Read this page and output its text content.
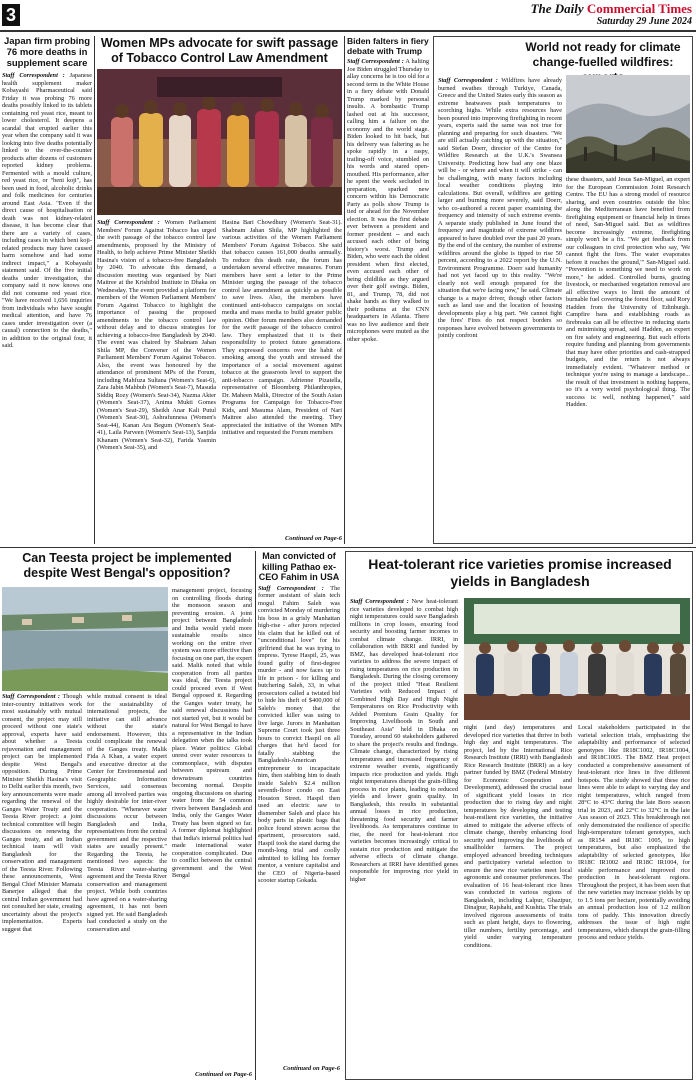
3	The Daily Commercial Times
Saturday 29 June 2024
Japan firm probing 76 more deaths in supplement scare
Staff Correspondent : Japanese health supplement maker Kobayashi Pharmaceutical said Friday it was probing 76 more deaths possibly linked to its tablets containing red yeast rice, meant to lower cholesterol. It deepens a scandal that erupted earlier this year when the company said it was looking into five deaths potentially linked to the over-the-counter products after dozens of customers reported kidney problems. Fermented with a mould culture, red yeast rice, or "beni koji", has been used in food, alcoholic drinks and folk medicines for centuries around East Asia. "Even if the direct cause of hospitalisation or death was not kidney-related disease, it has become clear that there are a variety of cases, including cases in which beni koji-related products may have caused harm somehow and had some indirect impact," a Kobayashi statement said. Of the five initial deaths under investigation, the company said it now knows one did not consume red yeast rice. "We have received 1,656 inquiries from individuals who have sought medical attention, and have 76 cases under investigation over (a causal) connection to the deaths," in addition to the original four, it said.
Women MPs advocate for swift passage of Tobacco Control Law Amendment
Staff Correspondent : Women Parliament Members' Forum Against Tobacco has urged the swift passage of the tobacco control law amendments, proposed by the Ministry of Health, to help achieve Prime Minister Sheikh Hasina's vision of a tobacco-free Bangladesh by 2040. To advocate this demand, a discussion meeting was organised by Nari Maitree at the Krishibid Institute in Dhaka on Wednesday. The event provided a platform for members of the Women Parliament Members' Forum Against Tobacco to highlight the importance of passing the proposed amendments to the tobacco control law without delay and to discuss strategies for achieving a tobacco-free Bangladesh by 2040. The event was chaired by Shabnam Jahan Shila MP, the Convener of the Women Parliament Members' Forum Against Tobacco. Also, the event was honoured by the attendance of prominent MPs of the Forum, including Mahfuza Sultana (Women's Seat-6), Zara Jabin Mahbub (Women's Seat-7), Masuda Siddiq Rozy (Women's Seat-34), Nazma Akter (Women's Seat-37), Anima Mukti Gomes (Women's Seat-29), Sheikh Anar Kali Putul (Women's Seat-30), Ashrafunnesa (Women's Seat-44), Kanan Ara Begum (Women's Seat-41), Laila Parveen (Women's Seat-13), Sanjida Khanam (Women's Seat-32), Farida Yasmin (Women's Seat-35), and
Hasina Bari Chowdhury (Women's Seat-31). Shabnam Jahan Shila, MP highlighted the various activities of the Women Parliament Members' Forum Against Tobacco. She said that tobacco causes 161,000 deaths annually. To reduce this death rate, the forum has undertaken several effective measures. Forum members have sent a letter to the Prime Minister urging the passage of the tobacco control law amendment as quickly as possible to save lives. Also, the members have continued anti-tobacco campaigns on social media and mass media to build greater public opinion. Other forum members also demanded for the swift passage of the tobacco control law. They emphasized that it is their responsibility to protect future generations. They expressed concerns over the habit of smoking among the youth and stressed the importance of a social movement against tobacco at the grassroots level to support the anti-tobacco campaign. Adrienne Pizatella, representative of Bloomberg Philanthropies, Dr. Maheen Malik, Director of the South Asian Programs for Campaign for Tobacco-Free Kids, and Masuma Alam, President of Nari Maitree also attended the meeting. They appreciated the initiative of the Women MPs initiative and requested the Forum members
Continued on Page-6
Biden falters in fiery debate with Trump
Staff Correspondent : A halting Joe Biden struggled Thursday to allay concerns he is too old for a second term in the White House in a fiery debate with Donald Trump marked by personal insults. A bombastic Trump lashed out at his successor, calling him a failure on the economy and the world stage. Biden looked to hit back, but his delivery was faltering as he spoke rapidly in a raspy, trailing-off voice, stumbled on his words and stared open-mouthed. His performance, after he spent the week secluded in preparation, sparked new concern within his Democratic Party as polls show Trump is tied or ahead for the November election. It was the first debate ever between a president and former president -- and each accused each other of being history's worst. Trump and Biden, who were each the oldest president when first elected, even accused each other of being childlike as they argued over their golf swings. Biden, 81, and Trump, 78, did not shake hands as they walked to their podiums at the CNN headquarters in Atlanta. There was no live audience and their microphones were muted as the other spoke.
World not ready for climate change-fuelled wildfires:
Staff Correspondent : Wildfires have already burned swathes through Turkiye, Canada, Greece and the United States early this season as extreme heatwaves push temperatures to scorching highs. While extra resources have been poured into improving firefighting in recent years, experts said the same was not true for planning and preparing for such disasters. "We are still actually catching up with the situation," said Stefan Doerr, director of the Centre for Wildfire Research at the U.K.'s Swansea University. Predicting how bad any one blaze will be - or where and when it will strike - can be challenging, with many factors including local weather conditions playing into calculations. But overall, wildfires are getting larger and burning more severely, said Doerr, who co-authored a recent paper examining the frequency and intensity of such extreme events. A separate study published in June found the frequency and magnitude of extreme wildfires appeared to have doubled over the past 20 years. By the end of the century, the number of extreme wildfires around the globe is tipped to rise 50 percent, according to a 2022 report by the U.N. Environment Programme. Doerr said humanity had not yet faced up to this reality. "We're clearly not well enough prepared for the situation that we're facing now," he said. Climate change is a major driver, though other factors such as land use and the location of housing developments play a big part. 'We cannot fight the fires' Fires do not respect borders so responses have evolved between governments to jointly confront
these disasters, said Jesus San-Miguel, an expert for the European Commission Joint Research Centre. The EU has a strong model of resource sharing, and even countries outside the bloc along the Mediterranean have benefited from firefighting equipment or financial help in times of need, San-Miguel said. But as wildfires become increasingly extreme, firefighting simply won't be a fix. "We get feedback from our colleagues in civil protection who say, 'We cannot fight the fires. The water evaporates before it reaches the ground,'" San-Miguel said. "Prevention is something we need to work on more," he added. Controlled burns, grazing livestock, or mechanised vegetation removal are all effective ways to limit the amount of burnable fuel covering the forest floor, said Rory Hadden from the University of Edinburgh. Campfire bans and establishing roads as firebreaks can all be effective in reducing starts and minimising spread, said Hadden, an expert on fire safety and engineering. But such efforts require funding and planning from governments that may have other priorities and cash-strapped budgets, and the return is not always immediately evident. "Whatever method or technique you're using to manage a landscape... the result of that investment is nothing happens, so it's a very weird psychological thing. The success is: well, nothing happened," said Hadden.
Can Teesta project be implemented despite West Bengal's opposition?
Staff Correspondent : Though inter-country initiatives work most sustainably with mutual consent, the project may still proceed without one state's approval, experts have said about whether a Teesta rejuvenation and management project can be implemented despite West Bengal's opposition. During Prime Minister Sheikh Hasina's visit to Delhi earlier this month, two key announcements were made regarding the renewal of the Ganges Water Treaty and the Teesta River project: a joint technical committee will begin discussions on renewing the Ganges treaty, and an Indian technical team will visit Bangladesh for the conservation and management of the Teesta River. Following these announcements, West Bengal Chief Minister Mamata Banerjee alleged that the central Indian government had not consulted her state, creating uncertainty about the project's implementation. Experts suggest that
while mutual consent is ideal for the sustainability of international projects, the initiative can still advance without the state's endorsement. However, this could complicate the renewal of the Ganges treaty. Malik Fida A Khan, a water expert and executive director at the Center for Environmental and Geographic Information Services, said consensus among all involved parties was highly desirable for inter-river cooperation. "Whenever water discussions occur between Bangladesh and India, representatives from the central government and the respective states are usually present." Regarding the Teesta, he mentioned two aspects: the Teesta River water-sharing agreement and the Teesta River conservation and management project. While both countries have agreed on a water-sharing agreement, it has not been signed yet. He said Bangladesh had conducted a study on the conservation and
management project, focusing on controlling floods during the monsoon season and preventing erosion. A joint project between Bangladesh and India would yield more sustainable results since working on the entire river system was more effective than focusing on one part, the expert said. Malik noted that while cooperation from all parties was ideal, the Teesta project could proceed even if West Bengal opposed it. Regarding the Ganges water treaty, he said renewal discussions had not started yet, but it would be natural for West Bengal to have a representative in the Indian delegation when the talks took place. Water politics: Global unrest over water resources is commonplace, with disputes between upstream and downstream countries becoming normal. Despite ongoing discussions on sharing water from the 54 common rivers between Bangladesh and India, only the Ganges Water Treaty has been signed so far. A former diplomat highlighted that India's internal politics had made international water cooperation complicated. Due to conflict between the central government and the West Bengal
Continued on Page-6
Man convicted of killing Pathao ex-CEO Fahim in USA
Staff Correspondent : The former assistant of slain tech mogul Fahim Saleh was convicted Monday of murdering his boss in a grisly Manhattan high-rise - after jurors rejected his claim that he killed out of "unconditional love" for his girlfriend that he was trying to impress. Tyrese Haspil, 25, was found guilty of first-degree murder - and now faces up to life in prison - for killing and butchering Saleh, 33, in what prosecutors called a twisted bid to hide his theft of $400,000 of Saleh's money that the convicted killer was using to live large. Jurors in Manhattan Supreme Court took just three hours to convict Haspil on all charges that he'd faced for fatally stabbing the Bangladeshi-American entrepreneur to incapacitate him, then stabbing him to death inside Saleh's $2.4 million seventh-floor condo on East Houston Street. Haspil then used an electric saw to dismember Saleh and place his body parts in plastic bags that police found strewn across the apartment, prosecutors said. Haspil took the stand during the month-long trial and coolly admitted to killing his former mentor, a venture capitalist and the CEO of Nigeria-based scooter startup Gokada.
Continued on Page-6
Heat-tolerant rice varieties promise increased yields in Bangladesh
Staff Correspondent : New heat-tolerant rice varieties developed to combat high night temperatures could save Bangladesh millions in crop losses, ensuring food security and boosting farmer incomes to combat climate change. IRRI, in collaboration with BRRI and funded by BMZ, has developed heat-tolerant rice varieties to address the severe impact of rising temperatures on rice production in Bangladesh. During the closing ceremony of the project titled "Heat Resilient Varieties with Reduced Impact of Combined High Day and High Night Temperatures on Rice Productivity with Added Premium Grain Quality for Improving Livelihoods in South and Southeast Asia" held in Dhaka on Tuesday, around 60 stakeholders gathered to share the project's results and findings. Climate change, characterized by rising temperatures and increased frequency of extreme weather events, significantly impacts rice production and yields. High night temperatures disrupt the grain-filling process in rice plants, leading to reduced yields and lower grain quality. In Bangladesh, this results in substantial annual losses in rice production, threatening food security and farmer livelihoods. As temperatures continue to rise, the need for heat-tolerant rice varieties becomes increasingly critical to sustain rice production and mitigate the adverse effects of climate change. Researchers at IRRI have identified genes responsible for improving rice yield in higher
night (and day) temperatures and developed rice varieties that thrive in both high day and night temperatures. The project, led by the International Rice Research Institute (IRRI) with Bangladesh Rice Research Institute (BRRI) as a key partner funded by BMZ (Federal Ministry for Economic Cooperation and Development), addressed the crucial issue of significant yield losses in rice production due to rising day and night temperatures by developing and testing heat-resilient rice varieties, the initiative aimed to mitigate the adverse effects of climate change, thereby enhancing food security and improving the livelihoods of smallholder farmers. The project employed advanced breeding techniques and participatory varietal selection to ensure the new rice varieties meet local agronomic and consumer preferences. The evaluation of 16 heat-tolerant rice lines was conducted in various regions of Bangladesh, including Lalpur, Ghazipur, Dinajpur, Rajshahi, and Kushtia. The trials involved rigorous assessments of traits such as plant height, days to flowering, tiller numbers, fertility percentage, and yield under varying temperature conditions.
Local stakeholders participated in the varietal selection trials, emphasizing the adaptability and performance of selected genotypes like IR18C1002, IR18C1004, and IR18C1005. The BMZ Heat project conducted a comprehensive assessment of heat-tolerant rice lines in five different hotspots. The study showed that these rice lines were able to adapt to varying day and night temperatures, which ranged from 28°C to 43°C during the late Boro season trial in 2023, and 22°C to 32°C in the late Aus season of 2023. This breakthrough not only demonstrated the resilience of specific high-temperature tolerant genotypes, such as IR154 and IR18C 1005, to high temperatures, but also emphasized the adaptability of selected genotypes, like IR18C IR1002 and IR18C IR1004, for stable performance and improved rice production in heat-tolerant regions. Throughout the project, it has been seen that the new varieties may increase yields by up to 1.5 tons per hectare, potentially avoiding an annual production loss of 1.2 million tons of paddy. This innovation directly addresses the issue of high night temperatures, which disrupt the grain-filling process and reduce yields.
